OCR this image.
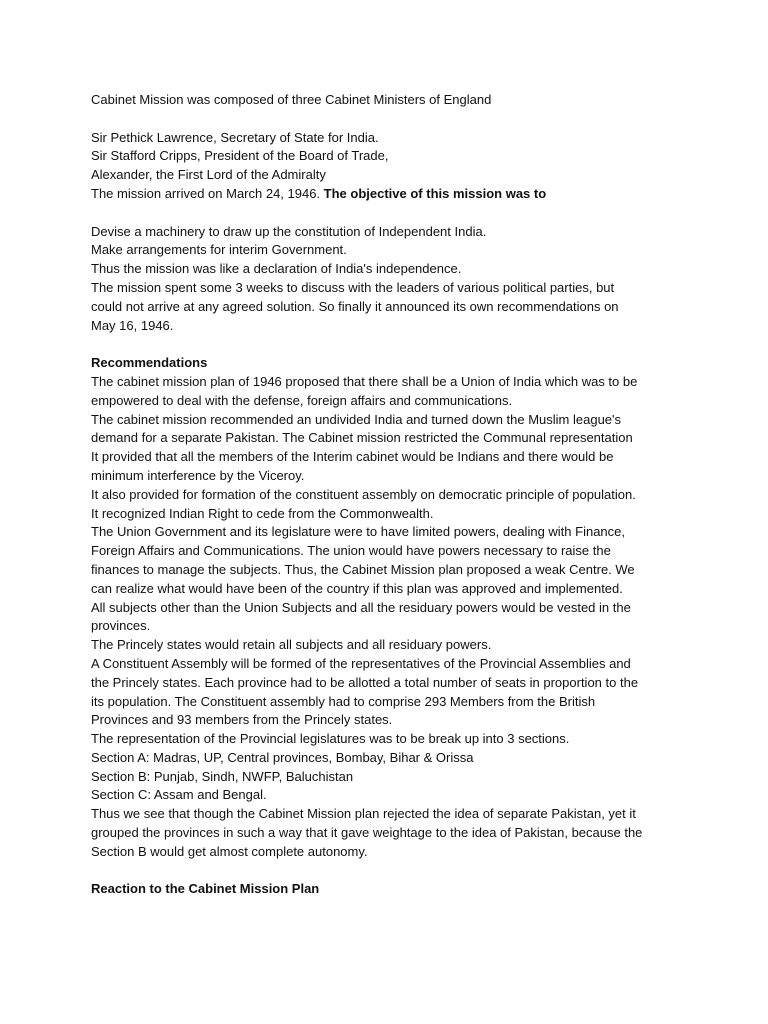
Cabinet Mission was composed of three Cabinet Ministers of England
Sir Pethick Lawrence, Secretary of State for India.
Sir Stafford Cripps, President of the Board of Trade,
Alexander, the First Lord of the Admiralty
The mission arrived on March 24, 1946. The objective of this mission was to
Devise a machinery to draw up the constitution of Independent India.
Make arrangements for interim Government.
Thus the mission was like a declaration of India's independence.
The mission spent some 3 weeks to discuss with the leaders of various political parties, but
could not arrive at any agreed solution. So finally it announced its own recommendations on
May 16, 1946.
Recommendations
The cabinet mission plan of 1946 proposed that there shall be a Union of India which was to be
empowered to deal with the defense, foreign affairs and communications.
The cabinet mission recommended an undivided India and turned down the Muslim league's
demand for a separate Pakistan. The Cabinet mission restricted the Communal representation
It provided that all the members of the Interim cabinet would be Indians and there would be
minimum interference by the Viceroy.
It also provided for formation of the constituent assembly on democratic principle of population.
It recognized Indian Right to cede from the Commonwealth.
The Union Government and its legislature were to have limited powers, dealing with Finance,
Foreign Affairs and Communications. The union would have powers necessary to raise the
finances to manage the subjects. Thus, the Cabinet Mission plan proposed a weak Centre. We
can realize what would have been of the country if this plan was approved and implemented.
All subjects other than the Union Subjects and all the residuary powers would be vested in the
provinces.
The Princely states would retain all subjects and all residuary powers.
A Constituent Assembly will be formed of the representatives of the Provincial Assemblies and
the Princely states. Each province had to be allotted a total number of seats in proportion to the
its population. The Constituent assembly had to comprise 293 Members from the British
Provinces and 93 members from the Princely states.
The representation of the Provincial legislatures was to be break up into 3 sections.
Section A: Madras, UP, Central provinces, Bombay, Bihar & Orissa
Section B: Punjab, Sindh, NWFP, Baluchistan
Section C: Assam and Bengal.
Thus we see that though the Cabinet Mission plan rejected the idea of separate Pakistan, yet it
grouped the provinces in such a way that it gave weightage to the idea of Pakistan, because the
Section B would get almost complete autonomy.
Reaction to the Cabinet Mission Plan
